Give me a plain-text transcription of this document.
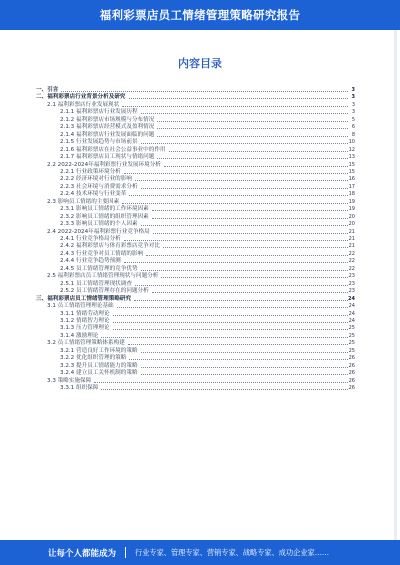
福利彩票店员工情绪管理策略研究报告
内容目录
一、引言	3
二、福利彩票店行业背景分析及研究	3
2.1 福利彩票店行业发展现状	3
2.1.1 福利彩票店行业发展历程	3
2.1.2 福利彩票店市场规模与分布情况	5
2.1.3 福利彩票店经营模式及盈利情况	6
2.1.4 福利彩票店行业发展面临的问题	8
2.1.5 行业发展趋势与市场前景	10
2.1.6 福利彩票店在社会公益事业中的作用	12
2.1.7 福利彩票店员工现状与情绪问题	13
2.2 2022-2024年福利彩票行业发展环境分析	15
2.2.1 行业政策环境分析	15
2.2.2 经济环境对行业的影响	16
2.2.3 社会环境与消费需求分析	17
2.2.4 技术环境与行业变革	18
2.3 影响员工情绪的主要因素	19
2.3.1 影响员工情绪的工作环境因素	19
2.3.2 影响员工情绪的组织管理因素	20
2.3.3 影响员工情绪的个人因素	20
2.4 2022-2024年福利彩票行业竞争格局	21
2.4.1 行业竞争格局分析	21
2.4.2 福利彩票店与体育彩票店竞争对比	21
2.4.3 行业竞争对员工情绪的影响	22
2.4.4 行业竞争趋势预测	22
2.4.5 员工情绪管理的竞争优势	22
2.5 福利彩票店员工情绪管理现状与问题分析	23
2.5.1 员工情绪管理现状调查	23
2.5.2 员工情绪管理存在的问题分析	23
三、福利彩票店员工情绪管理策略研究	24
3.1 员工情绪管理理论基础	24
3.1.1 情绪劳动理论	24
3.1.2 情绪智力理论	24
3.1.3 压力管理理论	25
3.1.4 激励理论	25
3.2 员工情绪管理策略体系构建	25
3.2.1 营造良好工作环境的策略	25
3.2.2 优化组织管理的策略	26
3.2.3 提升员工情绪能力的策略	26
3.2.4 建立员工关怀机制的策略	26
3.3 策略实施保障	26
3.3.1 组织保障	26
让每个人都能成为	行业专家、管理专家、营销专家、战略专家、成功企业家……
